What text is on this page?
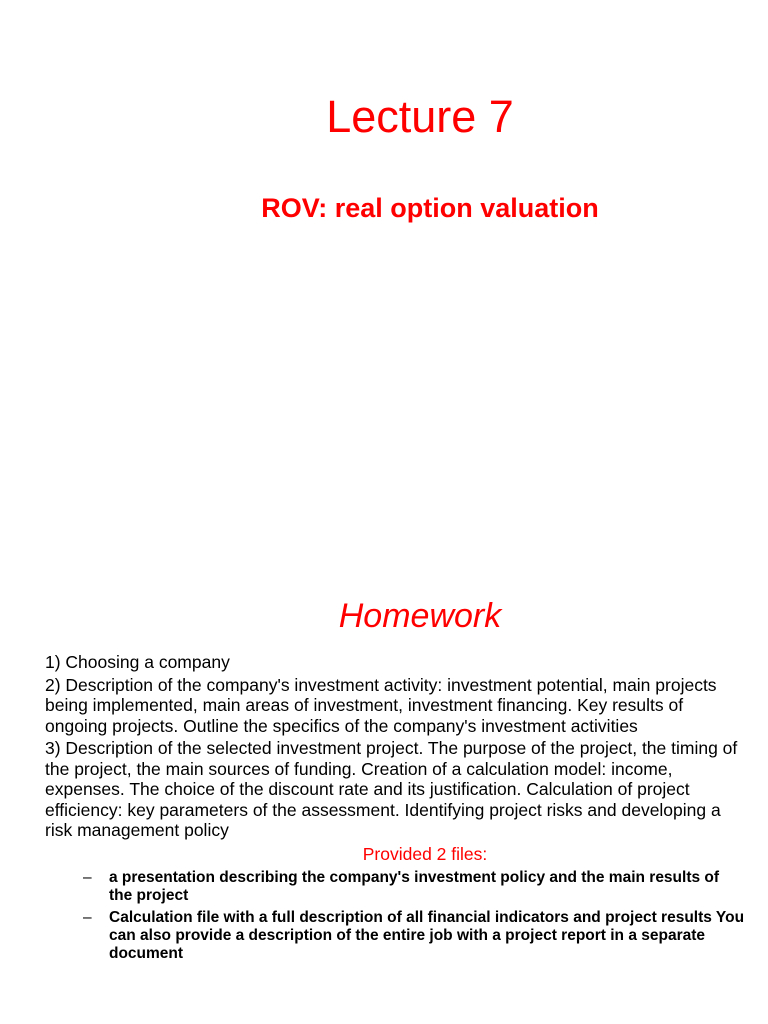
Lecture 7
ROV: real option valuation
Homework

1) Choosing a company

2) Description of the company's investment activity: investment potential, main projects being implemented, main areas of investment, investment financing. Key results of ongoing projects. Outline the specifics of the company's investment activities

3) Description of the selected investment project. The purpose of the project, the timing of the project, the main sources of funding. Creation of a calculation model: income, expenses. The choice of the discount rate and its justification. Calculation of project efficiency: key parameters of the assessment. Identifying project risks and developing a risk management policy

Provided 2 files:
– a presentation describing the company's investment policy and the main results of the project
– Calculation file with a full description of all financial indicators and project results You can also provide a description of the entire job with a project report in a separate document
